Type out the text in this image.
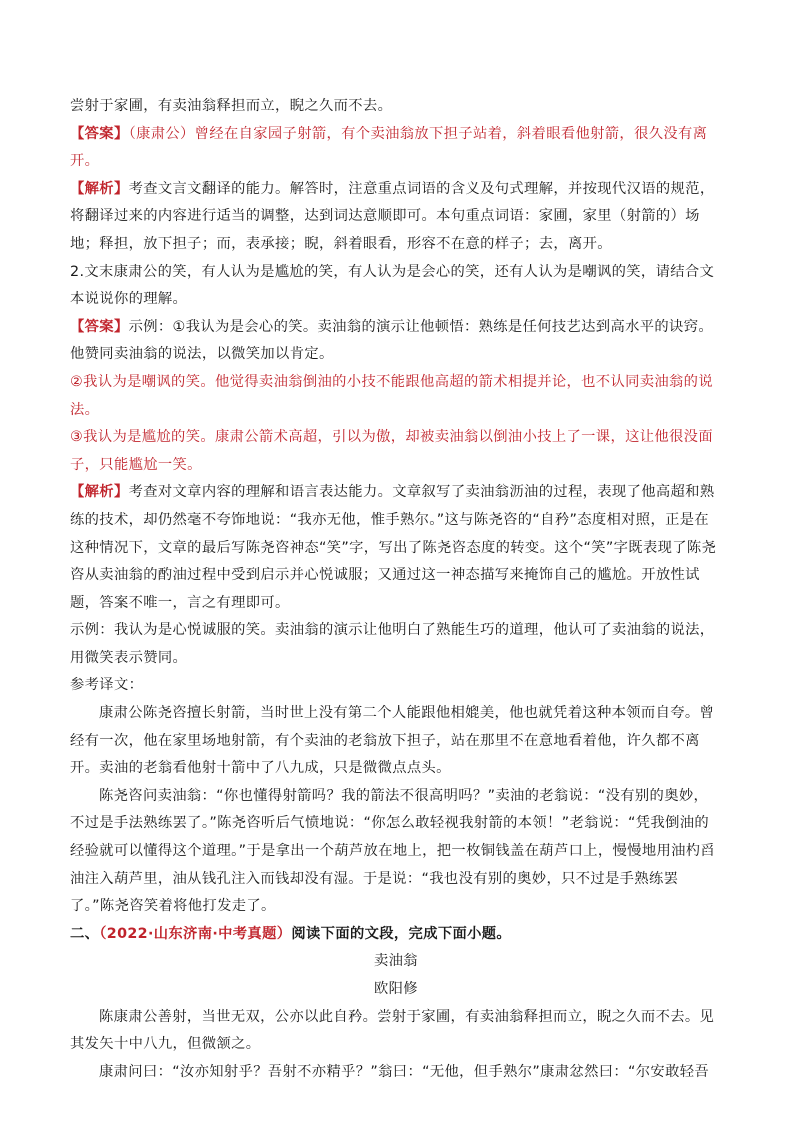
尝射于家圃，有卖油翁释担而立，睨之久而不去。

【答案】（康肃公）曾经在自家园子射箭，有个卖油翁放下担子站着，斜着眼看他射箭，很久没有离开。

【解析】考查文言文翻译的能力。解答时，注意重点词语的含义及句式理解，并按现代汉语的规范，将翻译过来的内容进行适当的调整，达到词达意顺即可。本句重点词语：家圃，家里（射箭的）场地；释担，放下担子；而，表承接；睨，斜着眼看，形容不在意的样子；去，离开。

2.文末康肃公的笑，有人认为是尴尬的笑，有人认为是会心的笑，还有人认为是嘲讽的笑，请结合文本说说你的理解。

【答案】示例：①我认为是会心的笑。卖油翁的演示让他顿悟：熟练是任何技艺达到高水平的诀窍。他赞同卖油翁的说法，以微笑加以肯定。

②我认为是嘲讽的笑。他觉得卖油翁倒油的小技不能跟他高超的箭术相提并论，也不认同卖油翁的说法。

③我认为是尴尬的笑。康肃公箭术高超，引以为傲，却被卖油翁以倒油小技上了一课，这让他很没面子，只能尴尬一笑。

【解析】考查对文章内容的理解和语言表达能力。文章叙写了卖油翁沥油的过程，表现了他高超和熟练的技术，却仍然毫不夸饰地说：“我亦无他，惟手熟尔。”这与陈尧咨的“自矜”态度相对照，正是在这种情况下，文章的最后写陈尧咨神态“笑”字，写出了陈尧咨态度的转变。这个“笑”字既表现了陈尧咨从卖油翁的酌油过程中受到启示并心悦诚服；又通过这一神态描写来掩饰自己的尴尬。开放性试题，答案不唯一，言之有理即可。

示例：我认为是心悦诚服的笑。卖油翁的演示让他明白了熟能生巧的道理，他认可了卖油翁的说法，用微笑表示赞同。

参考译文：

康肃公陈尧咨擅长射箭，当时世上没有第二个人能跟他相媲美，他也就凭着这种本领而自夸。曾经有一次，他在家里场地射箭，有个卖油的老翁放下担子，站在那里不在意地看着他，许久都不离开。卖油的老翁看他射十箭中了八九成，只是微微点点头。

陈尧咨问卖油翁：“你也懂得射箭吗？我的箭法不很高明吗？”卖油的老翁说：“没有别的奥妙，不过是手法熟练罢了。”陈尧咨听后气愤地说：“你怎么敢轻视我射箭的本领！”老翁说：“凭我倒油的经验就可以懂得这个道理。”于是拿出一个葫芦放在地上，把一枚铜钱盖在葫芦口上，慢慢地用油杓舀油注入葫芦里，油从钱孔注入而钱却没有湿。于是说：“我也没有别的奥妙，只不过是手熟练罢了。”陈尧咨笑着将他打发走了。

二、（2022·山东济南·中考真题）阅读下面的文段，完成下面小题。

卖油翁

欧阳修

陈康肃公善射，当世无双，公亦以此自矜。尝射于家圃，有卖油翁释担而立，睨之久而不去。见其发矢十中八九，但微颔之。

康肃问曰：“汝亦知射乎？吾射不亦精乎？”翁曰：“无他，但手熟尔”康肃忿然曰：“尔安敢轻吾
